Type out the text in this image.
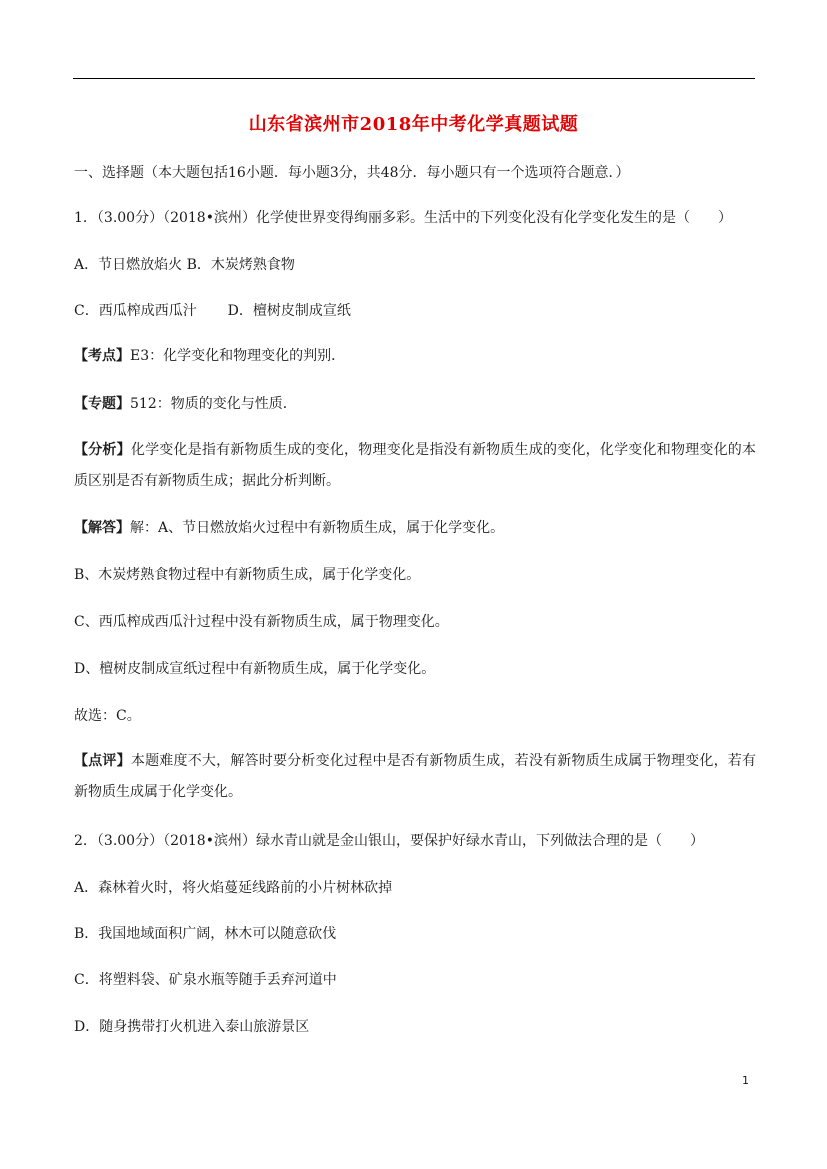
山东省滨州市2018年中考化学真题试题
一、选择题（本大题包括16小题．每小题3分，共48分．每小题只有一个选项符合题意．）
1．（3.00分）（2018•滨州）化学使世界变得绚丽多彩。生活中的下列变化没有化学变化发生的是（　　）
A．节日燃放焰火 B．木炭烤熟食物
C．西瓜榨成西瓜汁 D．檀树皮制成宣纸
【考点】E3：化学变化和物理变化的判别．
【专题】512：物质的变化与性质．
【分析】化学变化是指有新物质生成的变化，物理变化是指没有新物质生成的变化，化学变化和物理变化的本质区别是否有新物质生成；据此分析判断。
【解答】解：A、节日燃放焰火过程中有新物质生成，属于化学变化。
B、木炭烤熟食物过程中有新物质生成，属于化学变化。
C、西瓜榨成西瓜汁过程中没有新物质生成，属于物理变化。
D、檀树皮制成宣纸过程中有新物质生成，属于化学变化。
故选：C。
【点评】本题难度不大，解答时要分析变化过程中是否有新物质生成，若没有新物质生成属于物理变化，若有新物质生成属于化学变化。
2．（3.00分）（2018•滨州）绿水青山就是金山银山，要保护好绿水青山，下列做法合理的是（　　）
A．森林着火时，将火焰蔓延线路前的小片树林砍掉
B．我国地域面积广阔，林木可以随意砍伐
C．将塑料袋、矿泉水瓶等随手丢弃河道中
D．随身携带打火机进入泰山旅游景区
1
